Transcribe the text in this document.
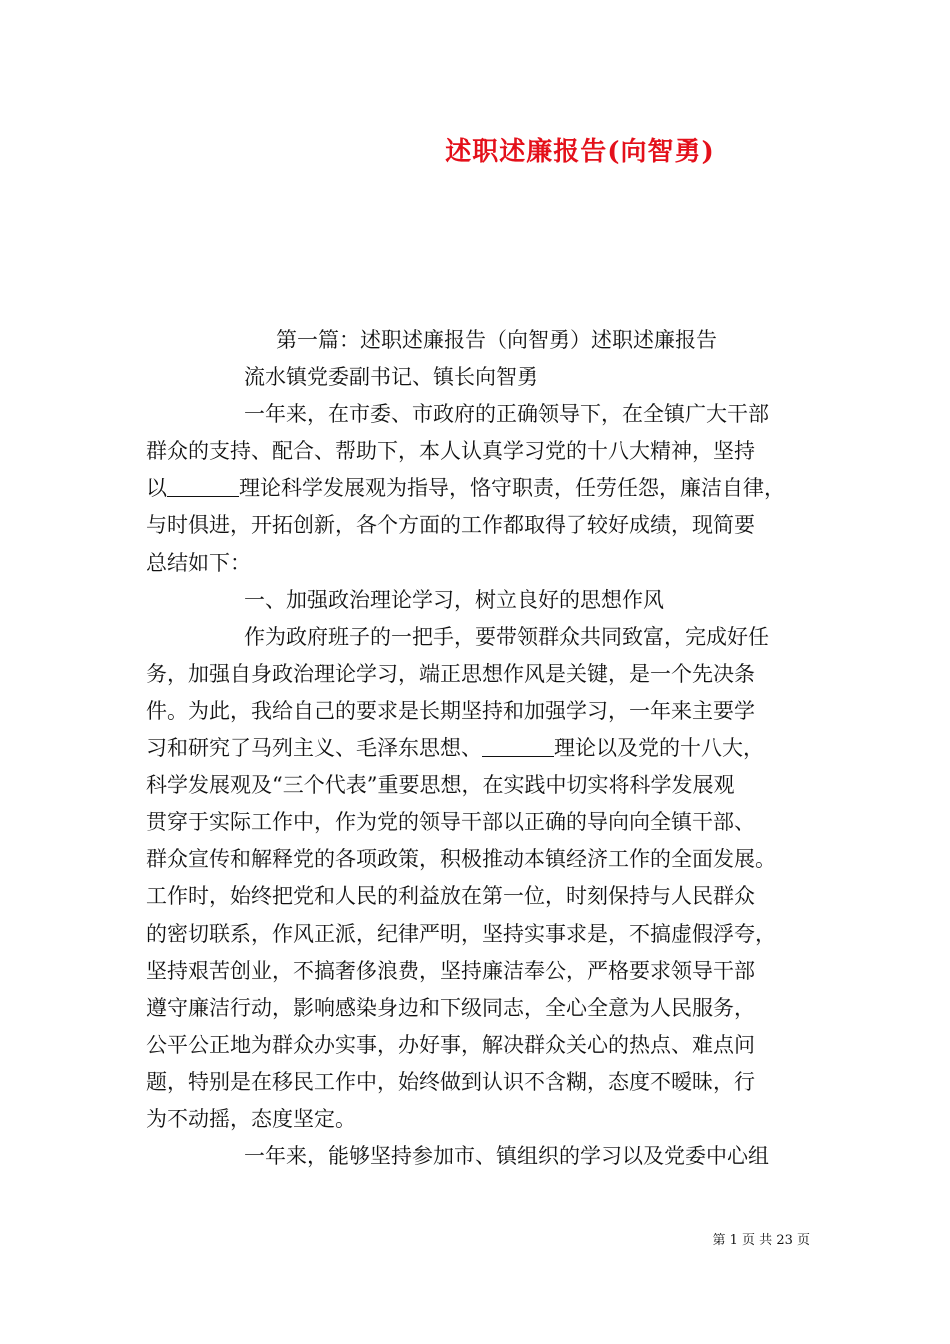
述职述廉报告(向智勇)
第一篇：述职述廉报告（向智勇）述职述廉报告
流水镇党委副书记、镇长向智勇
一年来，在市委、市政府的正确领导下，在全镇广大干部
群众的支持、配合、帮助下，本人认真学习党的十八大精神，坚持
以	理论科学发展观为指导，恪守职责，任劳任怨，廉洁自律，
与时俱进，开拓创新，各个方面的工作都取得了较好成绩，现简要
总结如下：
一、加强政治理论学习，树立良好的思想作风
作为政府班子的一把手，要带领群众共同致富，完成好任
务，加强自身政治理论学习，端正思想作风是关键，是一个先决条
件。为此，我给自己的要求是长期坚持和加强学习，一年来主要学
习和研究了马列主义、毛泽东思想、	理论以及党的十八大，
科学发展观及“三个代表”重要思想，在实践中切实将科学发展观
贯穿于实际工作中，作为党的领导干部以正确的导向向全镇干部、
群众宣传和解释党的各项政策，积极推动本镇经济工作的全面发展。
工作时，始终把党和人民的利益放在第一位，时刻保持与人民群众
的密切联系，作风正派，纪律严明，坚持实事求是，不搞虚假浮夸，
坚持艰苦创业，不搞奢侈浪费，坚持廉洁奉公，严格要求领导干部
遵守廉洁行动，影响感染身边和下级同志，全心全意为人民服务，
公平公正地为群众办实事，办好事，解决群众关心的热点、难点问
题，特别是在移民工作中，始终做到认识不含糊，态度不暧昧，行
为不动摇，态度坚定。
一年来，能够坚持参加市、镇组织的学习以及党委中心组
第 1 页 共 23 页
